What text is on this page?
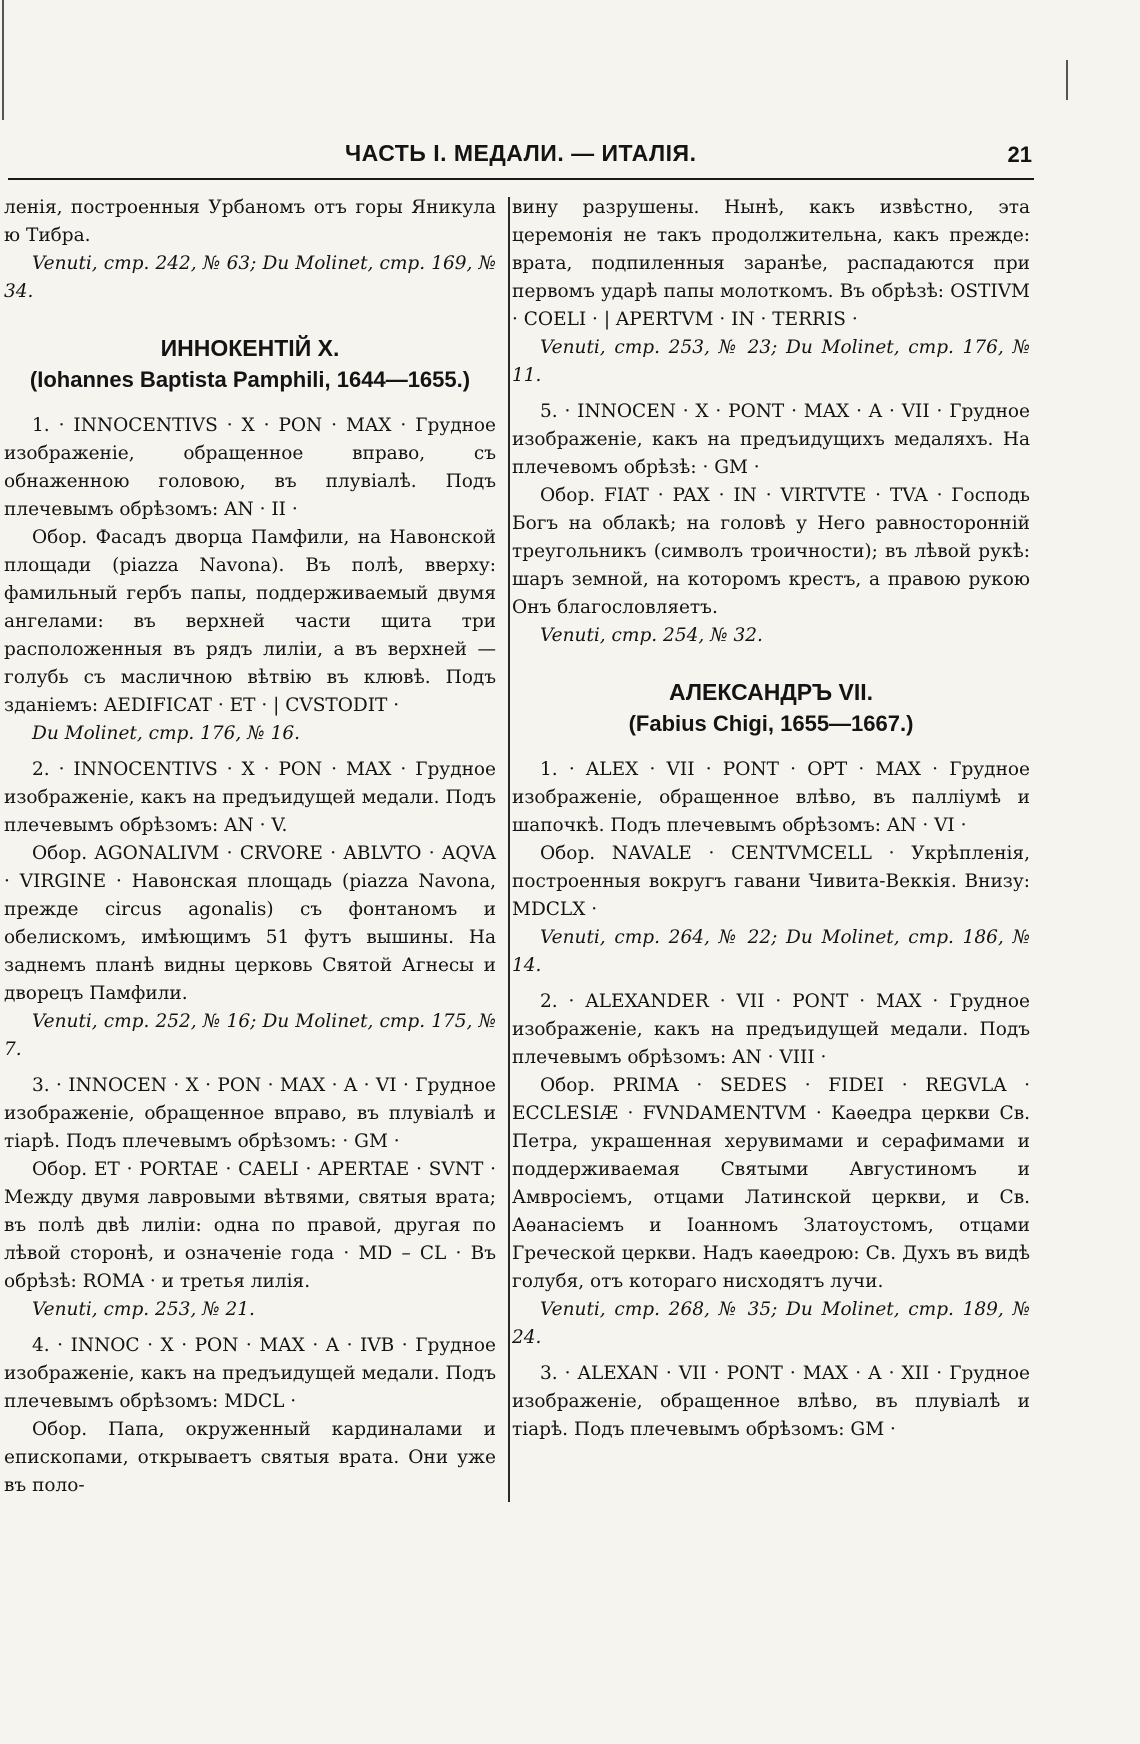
ЧАСТЬ I. МЕДАЛИ. — ИТАЛІЯ.	21

ленія, построенныя Урбаномъ отъ горы Яникула ю Тибра.

Venuti, стр. 242, № 63; Du Molinet, стр. 169, № 34.

ИННОКЕНТІЙ X.
(Iohannes Baptista Pamphili, 1644—1655.)

1. · INNOCENTIVS · X · PON · MAX · Грудное изображеніе, обращенное вправо, съ обнаженною головою, въ плувіалѣ. Подъ плечевымъ обрѣзомъ: AN · II ·

Обор. Фасадъ дворца Памфили, на Навонской площади (piazza Navona). Въ полѣ, вверху: фамильный гербъ папы, поддерживаемый двумя ангелами: въ верхней части щита три расположенныя въ рядъ лиліи, а въ верхней — голубь съ масличною вѣтвію въ клювѣ. Подъ зданіемъ: AEDIFICAT · ET · | CVSTODIT ·

Du Molinet, стр. 176, № 16.

2. · INNOCENTIVS · X · PON · MAX · Грудное изображеніе, какъ на предъидущей медали. Подъ плечевымъ обрѣзомъ: AN · V.

Обор. AGONALIVM · CRVORE · ABLVTO · AQVA · VIRGINE · Навонская площадь (piazza Navona, прежде circus agonalis) съ фонтаномъ и обелискомъ, имѣющимъ 51 футъ вышины. На заднемъ планѣ видны церковь Святой Агнесы и дворецъ Памфили.

Venuti, стр. 252, № 16; Du Molinet, стр. 175, № 7.

3. · INNOCEN · X · PON · MAX · A · VI · Грудное изображеніе, обращенное вправо, въ плувіалѣ и тіарѣ. Подъ плечевымъ обрѣзомъ: · GM ·

Обор. ET · PORTAE · CAELI · APERTAE · SVNT · Между двумя лавровыми вѣтвями, святыя врата; въ полѣ двѣ лиліи: одна по правой, другая по лѣвой сторонѣ, и означеніе года · MD – CL · Въ обрѣзѣ: ROMA · и третья лилія.

Venuti, стр. 253, № 21.

4. · INNOC · X · PON · MAX · A · IVB · Грудное изображеніе, какъ на предъидущей медали. Подъ плечевымъ обрѣзомъ: MDCL ·

Обор. Папа, окруженный кардиналами и епископами, открываетъ святыя врата. Они уже въ поло-

вину разрушены. Нынѣ, какъ извѣстно, эта церемонія не такъ продолжительна, какъ прежде: врата, подпиленныя заранѣе, распадаются при первомъ ударѣ папы молоткомъ. Въ обрѣзѣ: OSTIVM · COELI · | APERTVM · IN · TERRIS ·

Venuti, стр. 253, № 23; Du Molinet, стр. 176, № 11.

5. · INNOCEN · X · PONT · MAX · A · VII · Грудное изображеніе, какъ на предъидущихъ медаляхъ. На плечевомъ обрѣзѣ: · GM ·

Обор. FIAT · PAX · IN · VIRTVTE · TVA · Господь Богъ на облакѣ; на головѣ у Него равносторонній треугольникъ (символъ троичности); въ лѣвой рукѣ: шаръ земной, на которомъ крестъ, а правою рукою Онъ благословляетъ.

Venuti, стр. 254, № 32.

АЛЕКСАНДРЪ VII.
(Fabius Chigi, 1655—1667.)

1. · ALEX · VII · PONT · OPT · MAX · Грудное изображеніе, обращенное влѣво, въ палліумѣ и шапочкѣ. Подъ плечевымъ обрѣзомъ: AN · VI ·

Обор. NAVALE · CENTVMCELL · Укрѣпленія, построенныя вокругъ гавани Чивита-Веккія. Внизу: MDCLX ·

Venuti, стр. 264, № 22; Du Molinet, стр. 186, № 14.

2. · ALEXANDER · VII · PONT · MAX · Грудное изображеніе, какъ на предъидущей медали. Подъ плечевымъ обрѣзомъ: AN · VIII ·

Обор. PRIMA · SEDES · FIDEI · REGVLA · ECCLESIÆ · FVNDAMENTVM · Каѳедра церкви Св. Петра, украшенная херувимами и серафимами и поддерживаемая Святыми Августиномъ и Амвросіемъ, отцами Латинской церкви, и Св. Аѳанасіемъ и Іоанномъ Златоустомъ, отцами Греческой церкви. Надъ каѳедрою: Св. Духъ въ видѣ голубя, отъ котораго нисходятъ лучи.

Venuti, стр. 268, № 35; Du Molinet, стр. 189, № 24.

3. · ALEXAN · VII · PONT · MAX · A · XII · Грудное изображеніе, обращенное влѣво, въ плувіалѣ и тіарѣ. Подъ плечевымъ обрѣзомъ: GM ·
